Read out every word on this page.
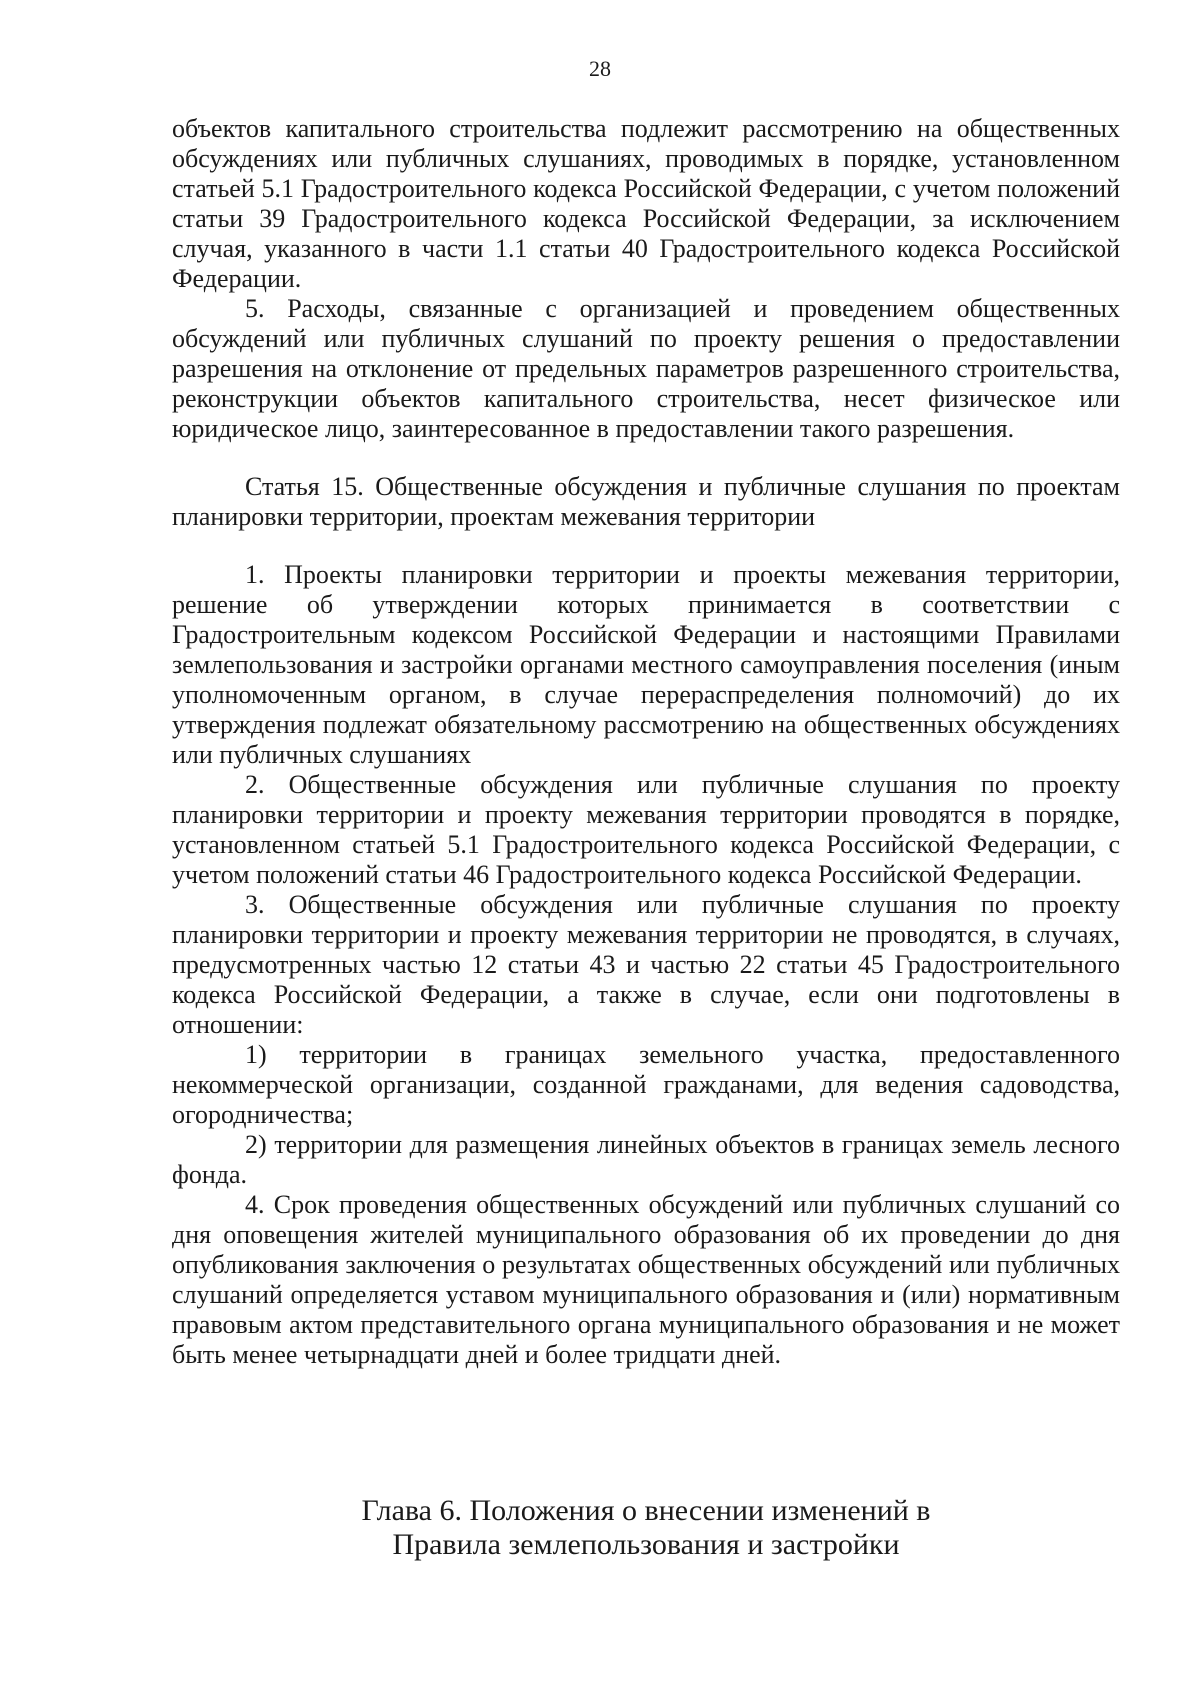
28

объектов капитального строительства подлежит рассмотрению на общественных обсуждениях или публичных слушаниях, проводимых в порядке, установленном статьей 5.1 Градостроительного кодекса Российской Федерации, с учетом положений статьи 39 Градостроительного кодекса Российской Федерации, за исключением случая, указанного в части 1.1 статьи 40 Градостроительного кодекса Российской Федерации.

5. Расходы, связанные с организацией и проведением общественных обсуждений или публичных слушаний по проекту решения о предоставлении разрешения на отклонение от предельных параметров разрешенного строительства, реконструкции объектов капитального строительства, несет физическое или юридическое лицо, заинтересованное в предоставлении такого разрешения.

Статья 15. Общественные обсуждения и публичные слушания по проектам планировки территории, проектам межевания территории

1. Проекты планировки территории и проекты межевания территории, решение об утверждении которых принимается в соответствии с Градостроительным кодексом Российской Федерации и настоящими Правилами землепользования и застройки органами местного самоуправления поселения (иным уполномоченным органом, в случае перераспределения полномочий) до их утверждения подлежат обязательному рассмотрению на общественных обсуждениях или публичных слушаниях

2. Общественные обсуждения или публичные слушания по проекту планировки территории и проекту межевания территории проводятся в порядке, установленном статьей 5.1 Градостроительного кодекса Российской Федерации, с учетом положений статьи 46 Градостроительного кодекса Российской Федерации.

3. Общественные обсуждения или публичные слушания по проекту планировки территории и проекту межевания территории не проводятся, в случаях, предусмотренных частью 12 статьи 43 и частью 22 статьи 45 Градостроительного кодекса Российской Федерации, а также в случае, если они подготовлены в отношении:

1) территории в границах земельного участка, предоставленного некоммерческой организации, созданной гражданами, для ведения садоводства, огородничества;

2) территории для размещения линейных объектов в границах земель лесного фонда.

4. Срок проведения общественных обсуждений или публичных слушаний со дня оповещения жителей муниципального образования об их проведении до дня опубликования заключения о результатах общественных обсуждений или публичных слушаний определяется уставом муниципального образования и (или) нормативным правовым актом представительного органа муниципального образования и не может быть менее четырнадцати дней и более тридцати дней.

Глава 6. Положения о внесении изменений в
Правила землепользования и застройки
